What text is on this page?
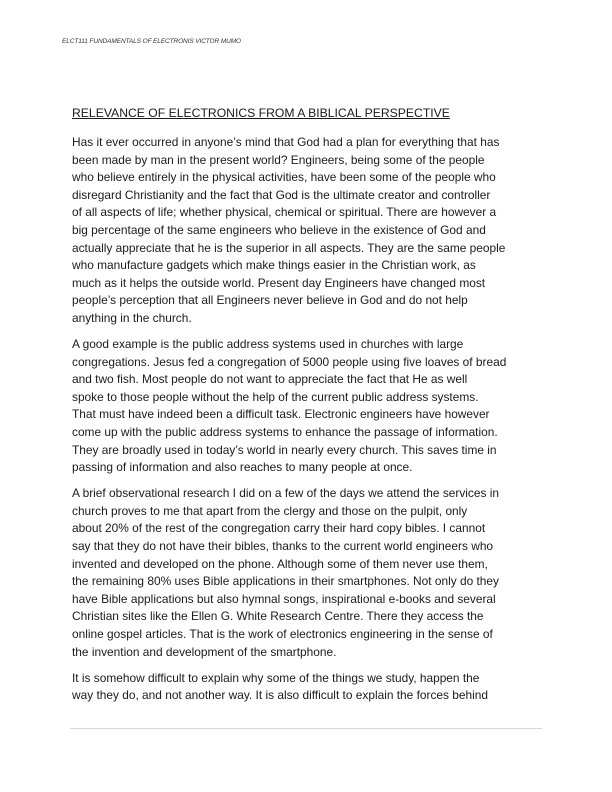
ELCT111 FUNDAMENTALS OF ELECTRONIS VICTOR MUMO
RELEVANCE OF ELECTRONICS FROM A BIBLICAL PERSPECTIVE
Has it ever occurred in anyone’s mind that God had a plan for everything that has
been made by man in the present world? Engineers, being some of the people
who believe entirely in the physical activities, have been some of the people who
disregard Christianity and the fact that God is the ultimate creator and controller
of all aspects of life; whether physical, chemical or spiritual. There are however a
big percentage of the same engineers who believe in the existence of God and
actually appreciate that he is the superior in all aspects. They are the same people
who manufacture gadgets which make things easier in the Christian work, as
much as it helps the outside world. Present day Engineers have changed most
people’s perception that all Engineers never believe in God and do not help
anything in the church.
A good example is the public address systems used in churches with large
congregations. Jesus fed a congregation of 5000 people using five loaves of bread
and two fish. Most people do not want to appreciate the fact that He as well
spoke to those people without the help of the current public address systems.
That must have indeed been a difficult task. Electronic engineers have however
come up with the public address systems to enhance the passage of information.
They are broadly used in today’s world in nearly every church. This saves time in
passing of information and also reaches to many people at once.
A brief observational research I did on a few of the days we attend the services in
church proves to me that apart from the clergy and those on the pulpit, only
about 20% of the rest of the congregation carry their hard copy bibles. I cannot
say that they do not have their bibles, thanks to the current world engineers who
invented and developed on the phone. Although some of them never use them,
the remaining 80% uses Bible applications in their smartphones. Not only do they
have Bible applications but also hymnal songs, inspirational e-books and several
Christian sites like the Ellen G. White Research Centre. There they access the
online gospel articles. That is the work of electronics engineering in the sense of
the invention and development of the smartphone.
It is somehow difficult to explain why some of the things we study, happen the
way they do, and not another way. It is also difficult to explain the forces behind
